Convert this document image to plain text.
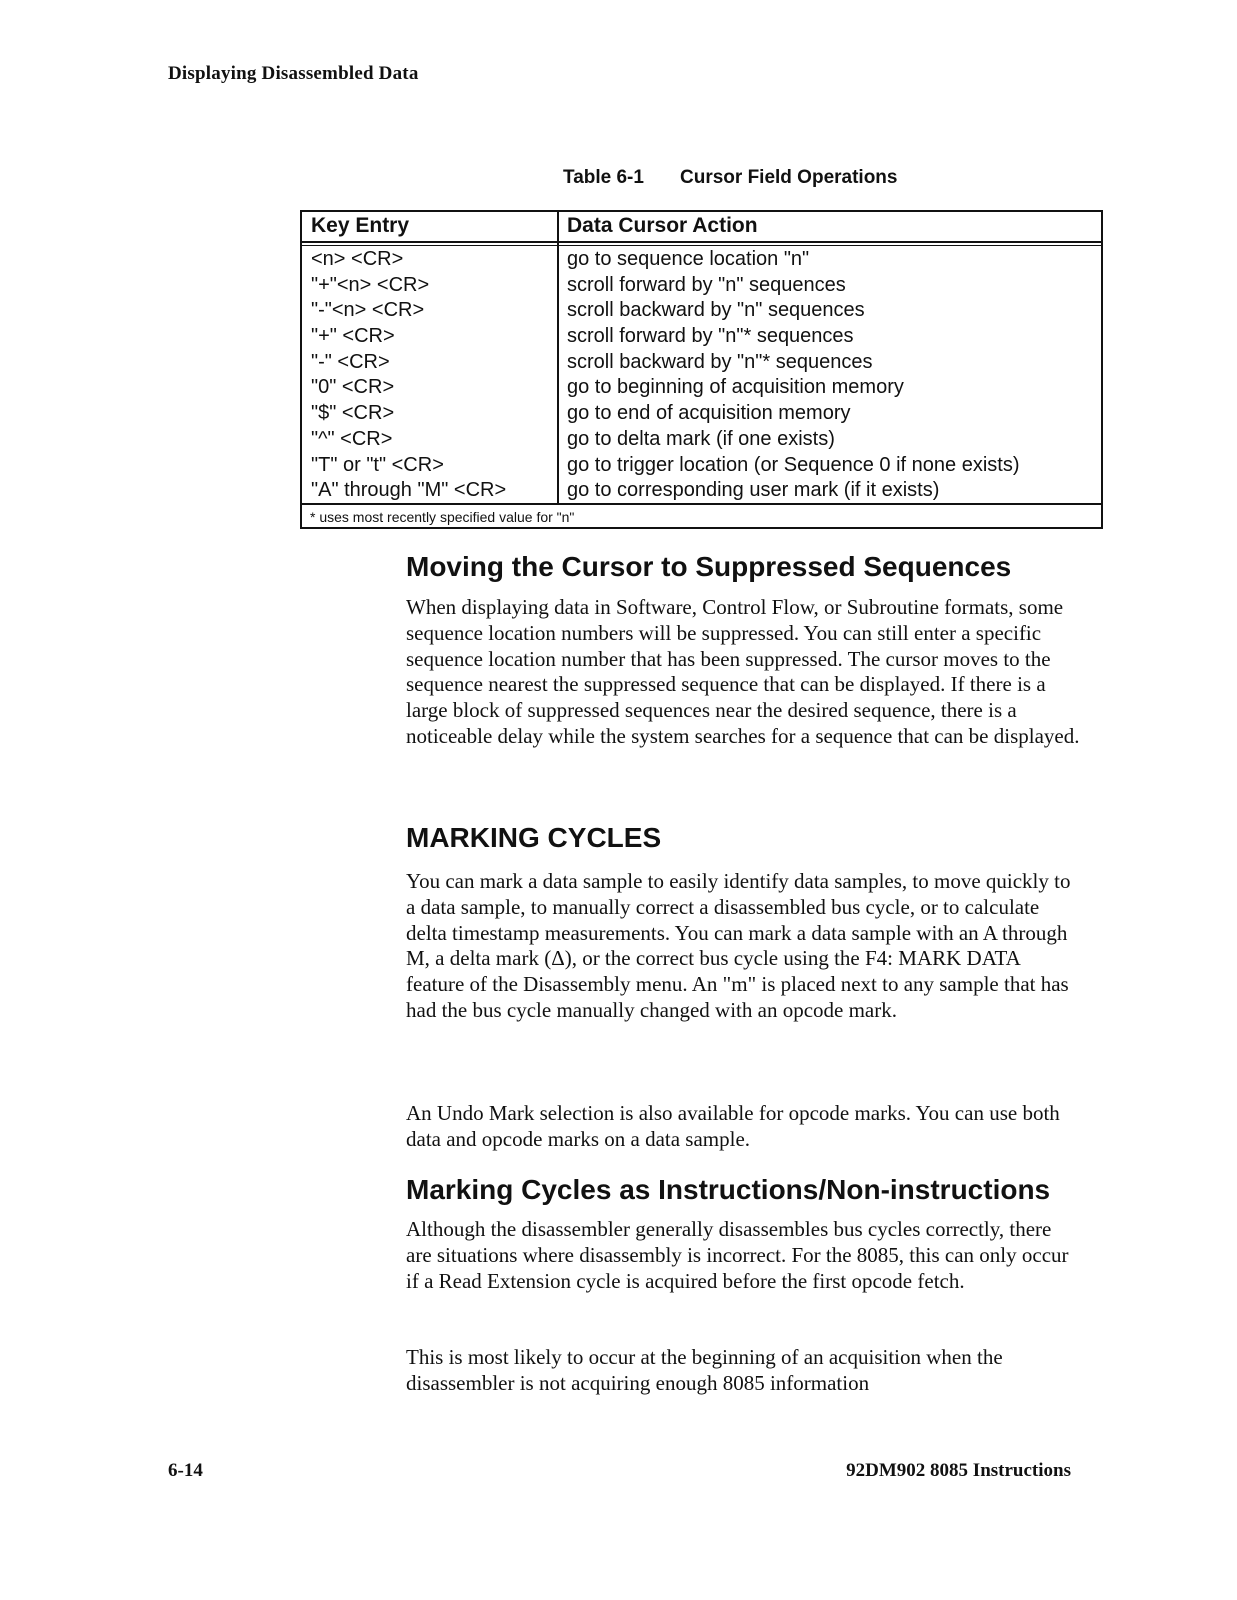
Displaying Disassembled Data
Table 6-1 Cursor Field Operations
Key Entry	Data Cursor Action
<n> <CR>	go to sequence location "n"
"+"<n> <CR>	scroll forward by "n" sequences
"-"<n> <CR>	scroll backward by "n" sequences
"+" <CR>	scroll forward by "n"* sequences
"-" <CR>	scroll backward by "n"* sequences
"0" <CR>	go to beginning of acquisition memory
"$" <CR>	go to end of acquisition memory
"^" <CR>	go to delta mark (if one exists)
"T" or "t" <CR>	go to trigger location (or Sequence 0 if none exists)
"A" through "M" <CR>	go to corresponding user mark (if it exists)
* uses most recently specified value for "n"
Moving the Cursor to Suppressed Sequences

When displaying data in Software, Control Flow, or Subroutine formats, some sequence location numbers will be suppressed. You can still enter a specific sequence location number that has been suppressed. The cursor moves to the sequence nearest the suppressed sequence that can be displayed. If there is a large block of suppressed sequences near the desired sequence, there is a noticeable delay while the system searches for a sequence that can be displayed.

MARKING CYCLES

You can mark a data sample to easily identify data samples, to move quickly to a data sample, to manually correct a disassembled bus cycle, or to calculate delta timestamp measurements. You can mark a data sample with an A through M, a delta mark (Δ), or the correct bus cycle using the F4: MARK DATA feature of the Disassembly menu. An "m" is placed next to any sample that has had the bus cycle manually changed with an opcode mark.

An Undo Mark selection is also available for opcode marks. You can use both data and opcode marks on a data sample.

Marking Cycles as Instructions/Non-instructions

Although the disassembler generally disassembles bus cycles correctly, there are situations where disassembly is incorrect. For the 8085, this can only occur if a Read Extension cycle is acquired before the first opcode fetch.

This is most likely to occur at the beginning of an acquisition when the disassembler is not acquiring enough 8085 information

6-14	92DM902 8085 Instructions
